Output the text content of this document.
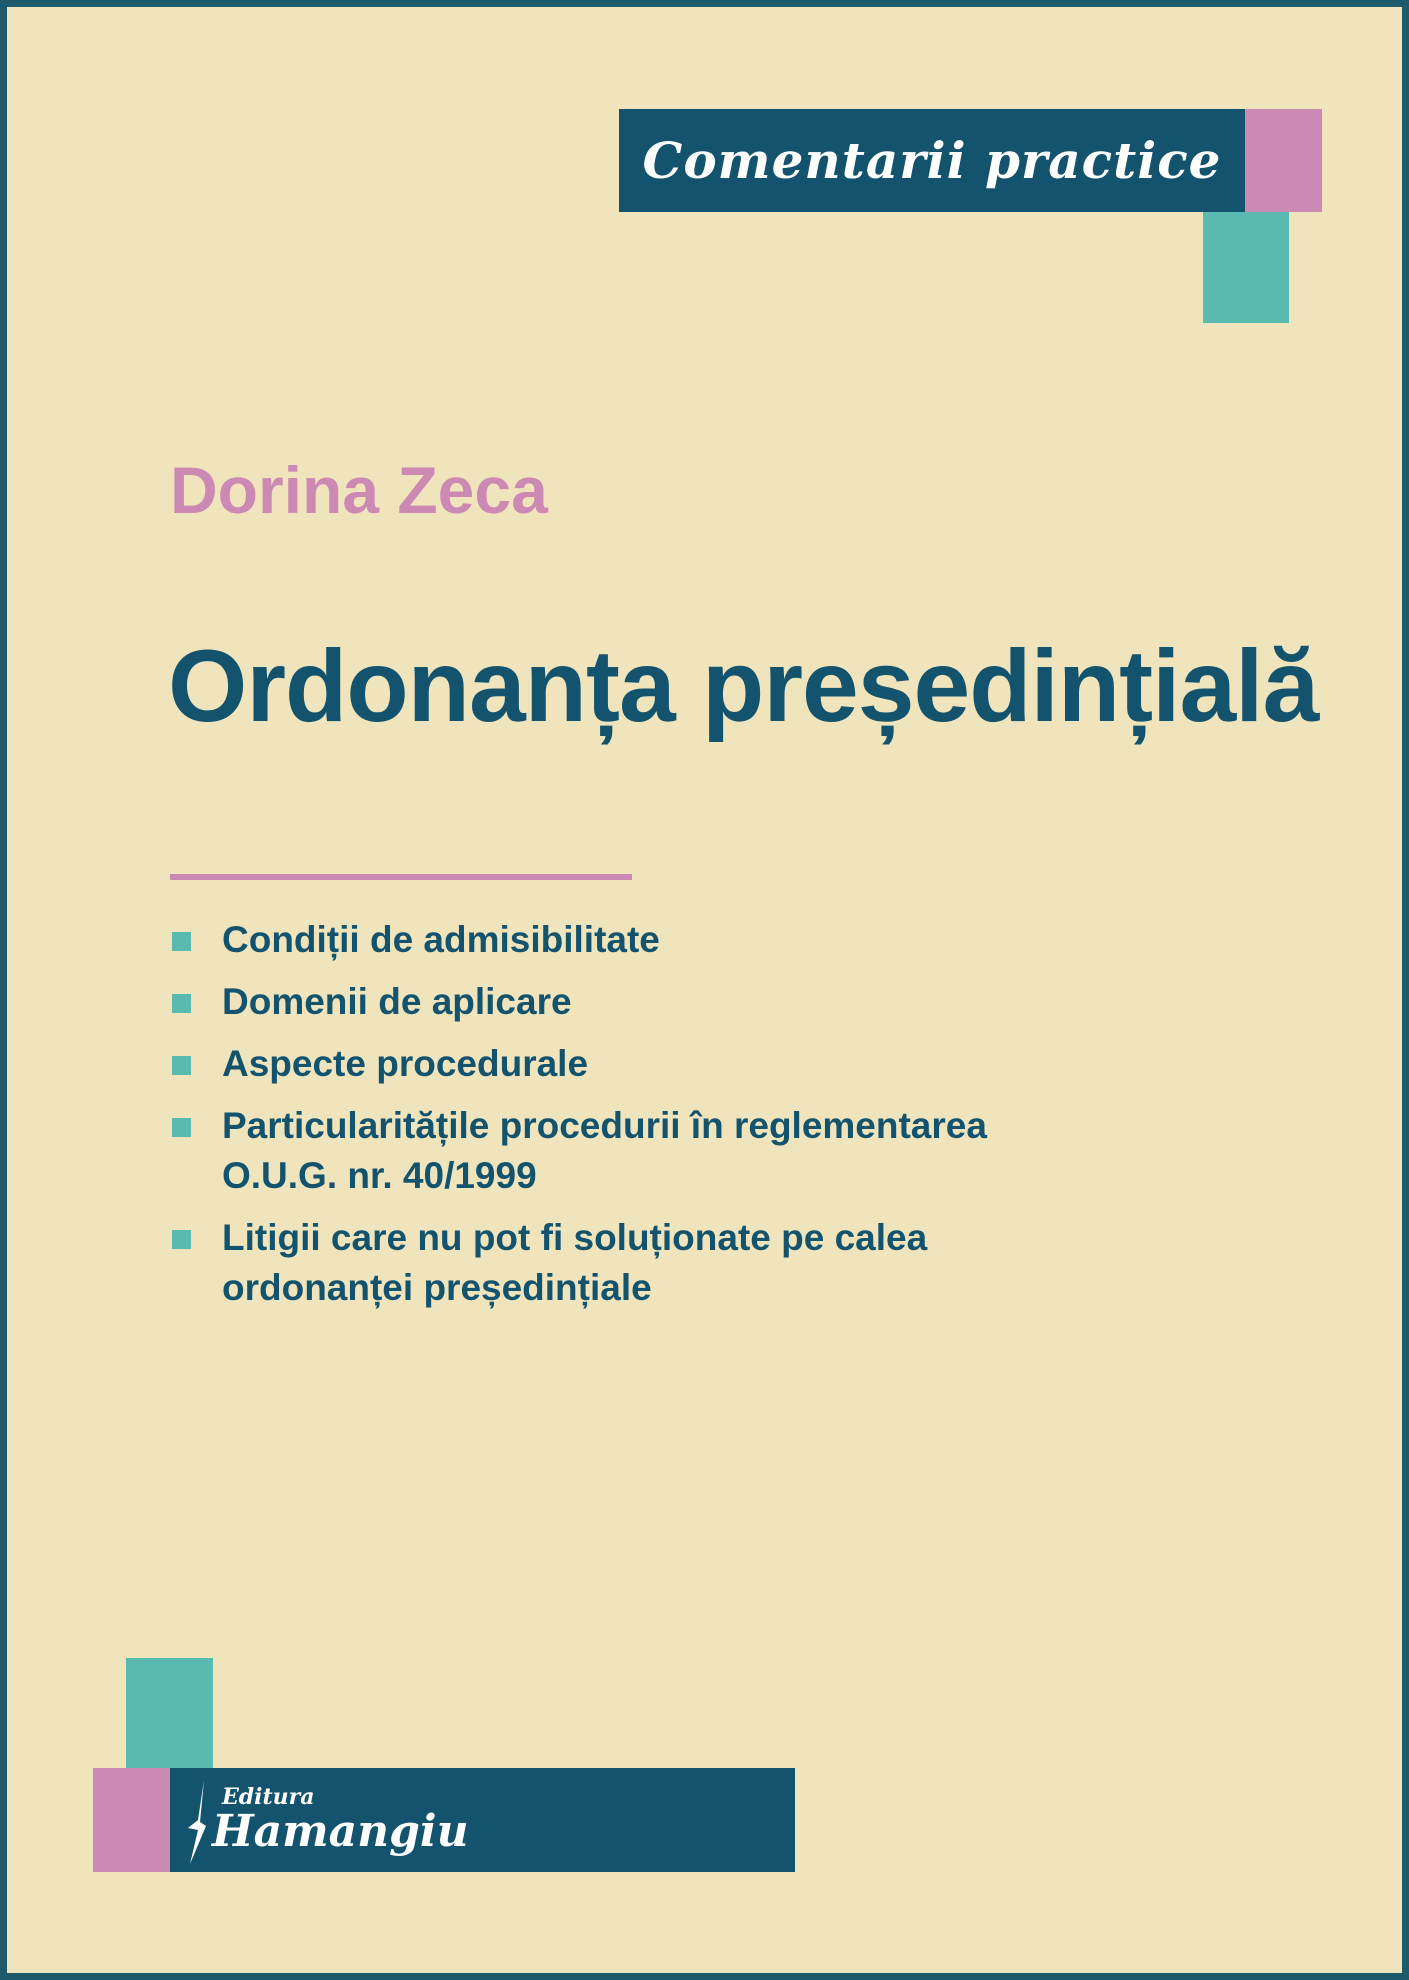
Comentarii practice
Dorina Zeca
Ordonanța președințială
Condiții de admisibilitate
Domenii de aplicare
Aspecte procedurale
Particularitățile procedurii în reglementarea
O.U.G. nr. 40/1999
Litigii care nu pot fi soluționate pe calea
ordonanței președințiale
Editura
Hamangiu
